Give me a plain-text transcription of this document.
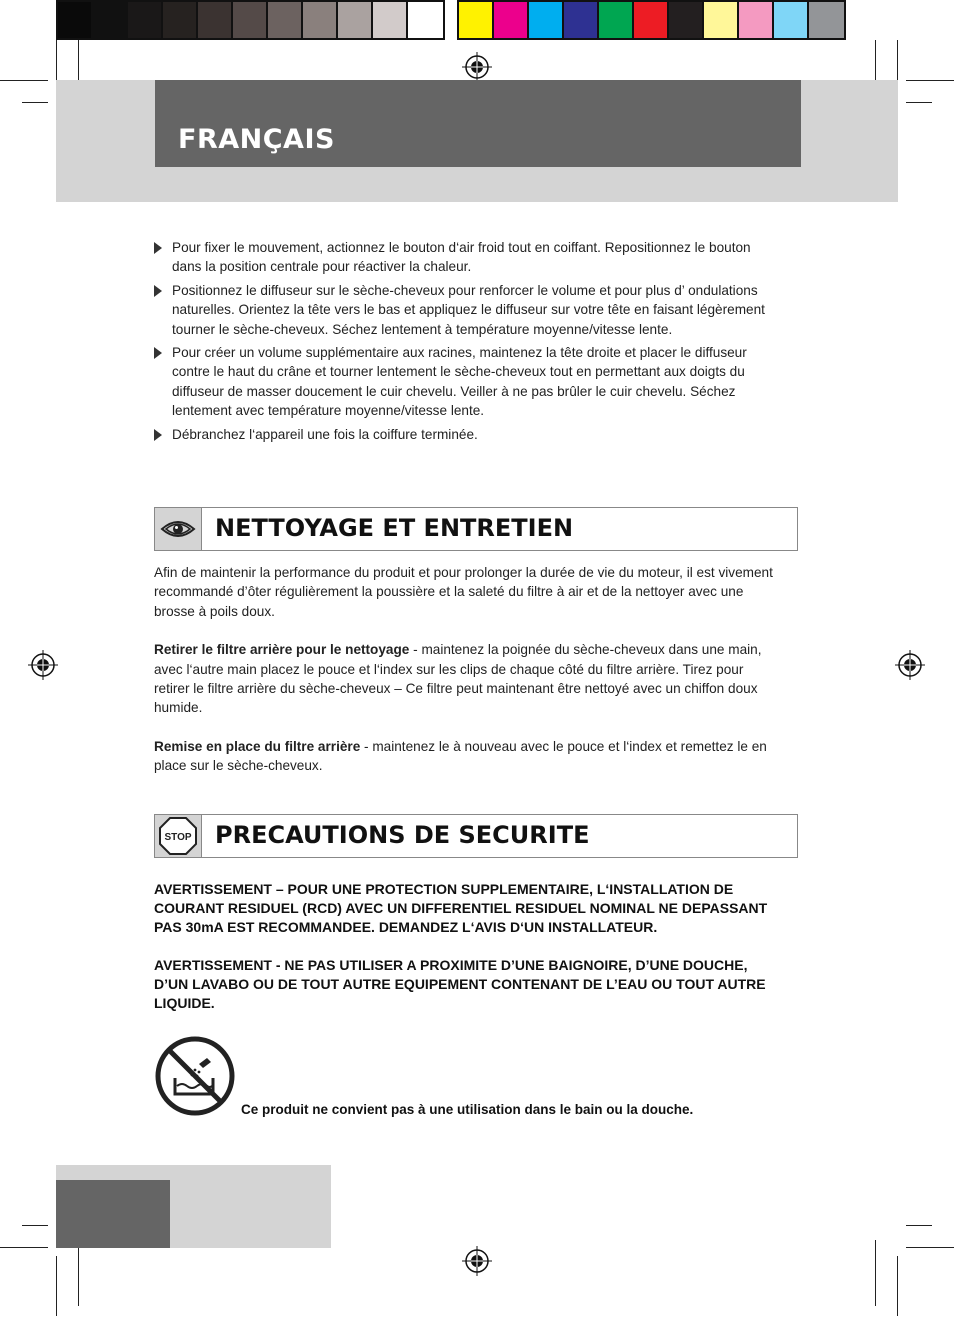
FRANÇAIS
Pour fixer le mouvement, actionnez le bouton d‘air froid tout en coiffant. Repositionnez le bouton dans la position centrale pour réactiver la chaleur.
Positionnez le diffuseur sur le sèche-cheveux pour renforcer le volume et pour plus d’ ondulations naturelles. Orientez la tête vers le bas et appliquez le diffuseur sur votre tête en faisant légèrement tourner le sèche-cheveux. Séchez lentement à température moyenne/vitesse lente.
Pour créer un volume supplémentaire aux racines, maintenez la tête droite et placer le diffuseur contre le haut du crâne et tourner lentement le sèche-cheveux tout en permettant aux doigts du diffuseur de masser doucement le cuir chevelu. Veiller à ne pas brûler le cuir chevelu. Séchez lentement avec température moyenne/vitesse lente.
Débranchez l‘appareil une fois la coiffure terminée.
NETTOYAGE ET ENTRETIEN

Afin de maintenir la performance du produit et pour prolonger la durée de vie du moteur, il est vivement recommandé d’ôter régulièrement la poussière et la saleté du filtre à air et de la nettoyer avec une brosse à poils doux.

Retirer le filtre arrière pour le nettoyage - maintenez la poignée du sèche-cheveux dans une main, avec l‘autre main placez le pouce et l‘index sur les clips de chaque côté du filtre arrière. Tirez pour retirer le filtre arrière du sèche-cheveux – Ce filtre peut maintenant être nettoyé avec un chiffon doux humide.

Remise en place du filtre arrière - maintenez le à nouveau avec le pouce et l‘index et remettez le en place sur le sèche-cheveux.

STOP PRECAUTIONS DE SECURITE

AVERTISSEMENT – POUR UNE PROTECTION SUPPLEMENTAIRE, L‘INSTALLATION DE COURANT RESIDUEL (RCD) AVEC UN DIFFERENTIEL RESIDUEL NOMINAL NE DEPASSANT PAS 30mA EST RECOMMANDEE. DEMANDEZ L‘AVIS D‘UN INSTALLATEUR.

AVERTISSEMENT - NE PAS UTILISER A PROXIMITE D’UNE BAIGNOIRE, D’UNE DOUCHE, D’UN LAVABO OU DE TOUT AUTRE EQUIPEMENT CONTENANT DE L’EAU OU TOUT AUTRE LIQUIDE.

Ce produit ne convient pas à une utilisation dans le bain ou la douche.
